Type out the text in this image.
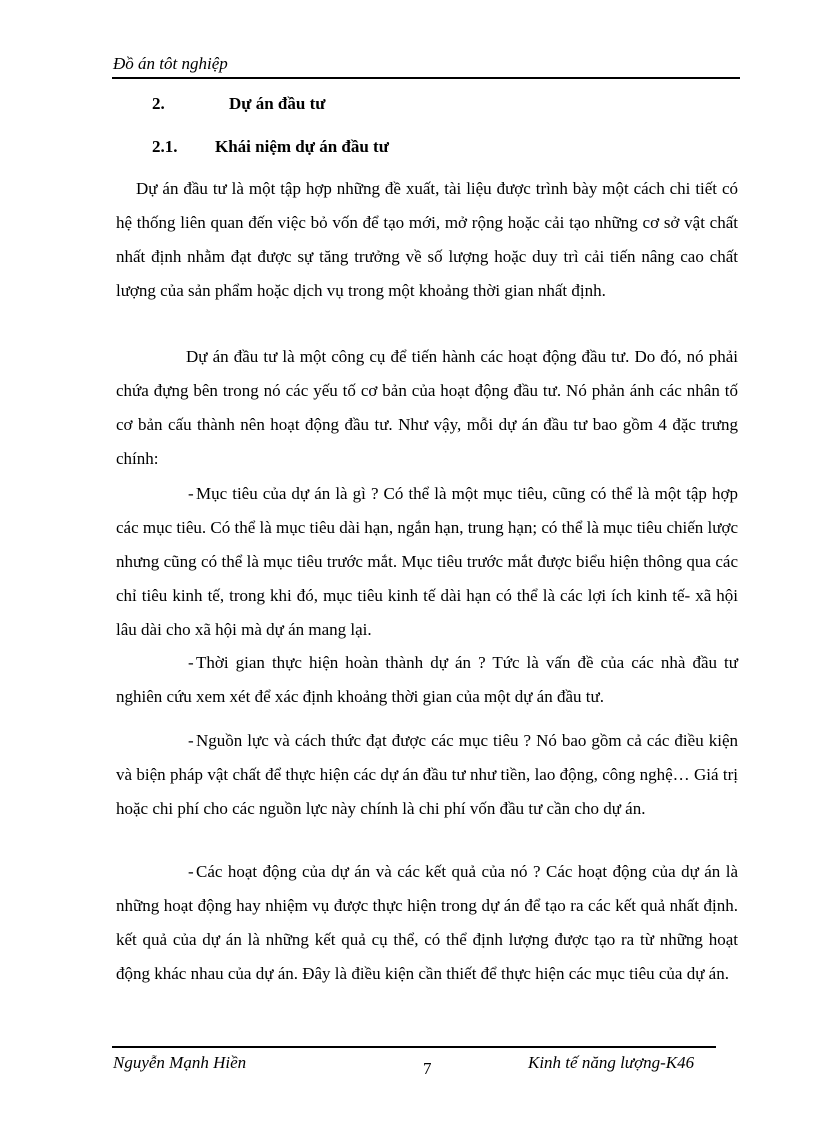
Đồ án tôt nghiệp
2.	Dự án đầu tư
2.1. Khái niệm dự án đầu tư

Dự án đầu tư là một tập hợp những đề xuất, tài liệu được trình bày một cách chi tiết có hệ thống liên quan đến việc bỏ vốn để tạo mới, mở rộng hoặc cải tạo những cơ sở vật chất nhất định nhằm đạt được sự tăng trưởng về số lượng hoặc duy trì cải tiến nâng cao chất lượng của sản phẩm hoặc dịch vụ trong một khoảng thời gian nhất định.

Dự án đầu tư là một công cụ để tiến hành các hoạt động đầu tư. Do đó, nó phải chứa đựng bên trong nó các yếu tố cơ bản của hoạt động đầu tư. Nó phản ánh các nhân tố cơ bản cấu thành nên hoạt động đầu tư. Như vậy, mỗi dự án đầu tư bao gồm 4 đặc trưng chính:

- Mục tiêu của dự án là gì ? Có thể là một mục tiêu, cũng có thể là một tập hợp các mục tiêu. Có thể là mục tiêu dài hạn, ngắn hạn, trung hạn; có thể là mục tiêu chiến lược nhưng cũng có thể là mục tiêu trước mắt. Mục tiêu trước mắt được biểu hiện thông qua các chỉ tiêu kinh tế, trong khi đó, mục tiêu kinh tế dài hạn có thể là các lợi ích kinh tế- xã hội lâu dài cho xã hội mà dự án mang lại.

- Thời gian thực hiện hoàn thành dự án ? Tức là vấn đề của các nhà đầu tư nghiên cứu xem xét để xác định khoảng thời gian của một dự án đầu tư.

- Nguồn lực và cách thức đạt được các mục tiêu ? Nó bao gồm cả các điều kiện và biện pháp vật chất để thực hiện các dự án đầu tư như tiền, lao động, công nghệ… Giá trị hoặc chi phí cho các nguồn lực này chính là chi phí vốn đầu tư cần cho dự án.

- Các hoạt động của dự án và các kết quả của nó ? Các hoạt động của dự án là những hoạt động hay nhiệm vụ được thực hiện trong dự án để tạo ra các kết quả nhất định. kết quả của dự án là những kết quả cụ thể, có thể định lượng được tạo ra từ những hoạt động khác nhau của dự án. Đây là điều kiện cần thiết để thực hiện các mục tiêu của dự án.

Nguyễn Mạnh Hiền	7	Kinh tế năng lượng-K46
